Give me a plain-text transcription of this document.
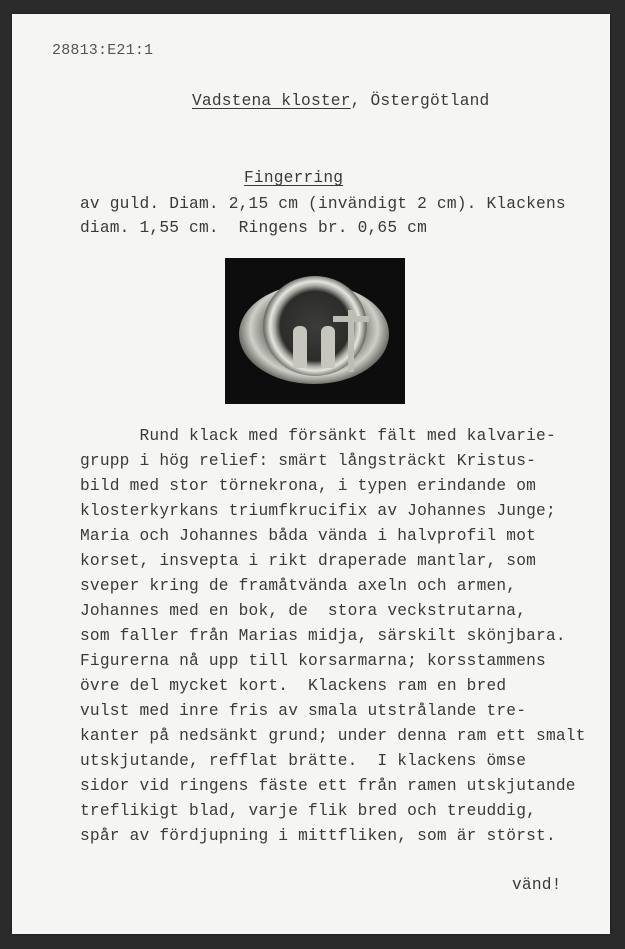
28813:E21:1
Vadstena kloster, Östergötland
Fingerring
av guld. Diam. 2,15 cm (invändigt 2 cm). Klackens
diam. 1,55 cm.  Ringens br. 0,65 cm
Rund klack med försänkt fält med kalvarie-
grupp i hög relief: smärt långsträckt Kristus-
bild med stor törnekrona, i typen erindande om
klosterkyrkans triumfkrucifix av Johannes Junge;
Maria och Johannes båda vända i halvprofil mot
korset, insvepta i rikt draperade mantlar, som
sveper kring de framåtvända axeln och armen,
Johannes med en bok, de  stora veckstrutarna,
som faller från Marias midja, särskilt skönjbara.
Figurerna nå upp till korsarmarna; korsstammens
övre del mycket kort.  Klackens ram en bred
vulst med inre fris av smala utstrålande tre-
kanter på nedsänkt grund; under denna ram ett smalt
utskjutande, refflat brätte.  I klackens ömse
sidor vid ringens fäste ett från ramen utskjutande
treflikigt blad, varje flik bred och treuddig,
spår av fördjupning i mittfliken, som är störst.
vänd!
